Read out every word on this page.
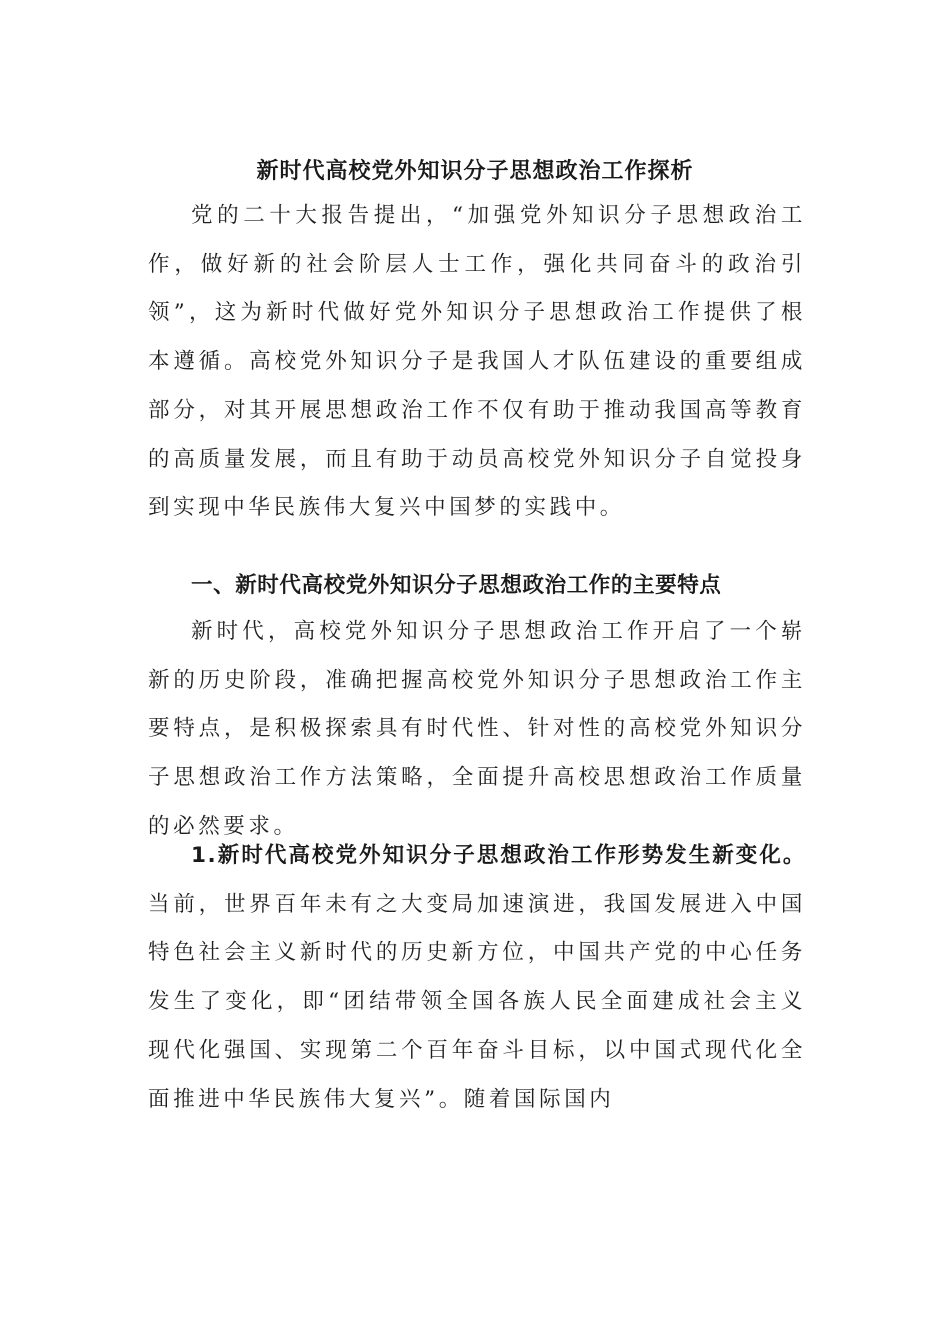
新时代高校党外知识分子思想政治工作探析

党的二十大报告提出，“加强党外知识分子思想政治工作，做好新的社会阶层人士工作，强化共同奋斗的政治引领”，这为新时代做好党外知识分子思想政治工作提供了根本遵循。高校党外知识分子是我国人才队伍建设的重要组成部分，对其开展思想政治工作不仅有助于推动我国高等教育的高质量发展，而且有助于动员高校党外知识分子自觉投身到实现中华民族伟大复兴中国梦的实践中。

一、新时代高校党外知识分子思想政治工作的主要特点

新时代，高校党外知识分子思想政治工作开启了一个崭新的历史阶段，准确把握高校党外知识分子思想政治工作主要特点，是积极探索具有时代性、针对性的高校党外知识分子思想政治工作方法策略，全面提升高校思想政治工作质量的必然要求。

1.新时代高校党外知识分子思想政治工作形势发生新变化。当前，世界百年未有之大变局加速演进，我国发展进入中国特色社会主义新时代的历史新方位，中国共产党的中心任务发生了变化，即“团结带领全国各族人民全面建成社会主义现代化强国、实现第二个百年奋斗目标，以中国式现代化全面推进中华民族伟大复兴”。随着国际国内
